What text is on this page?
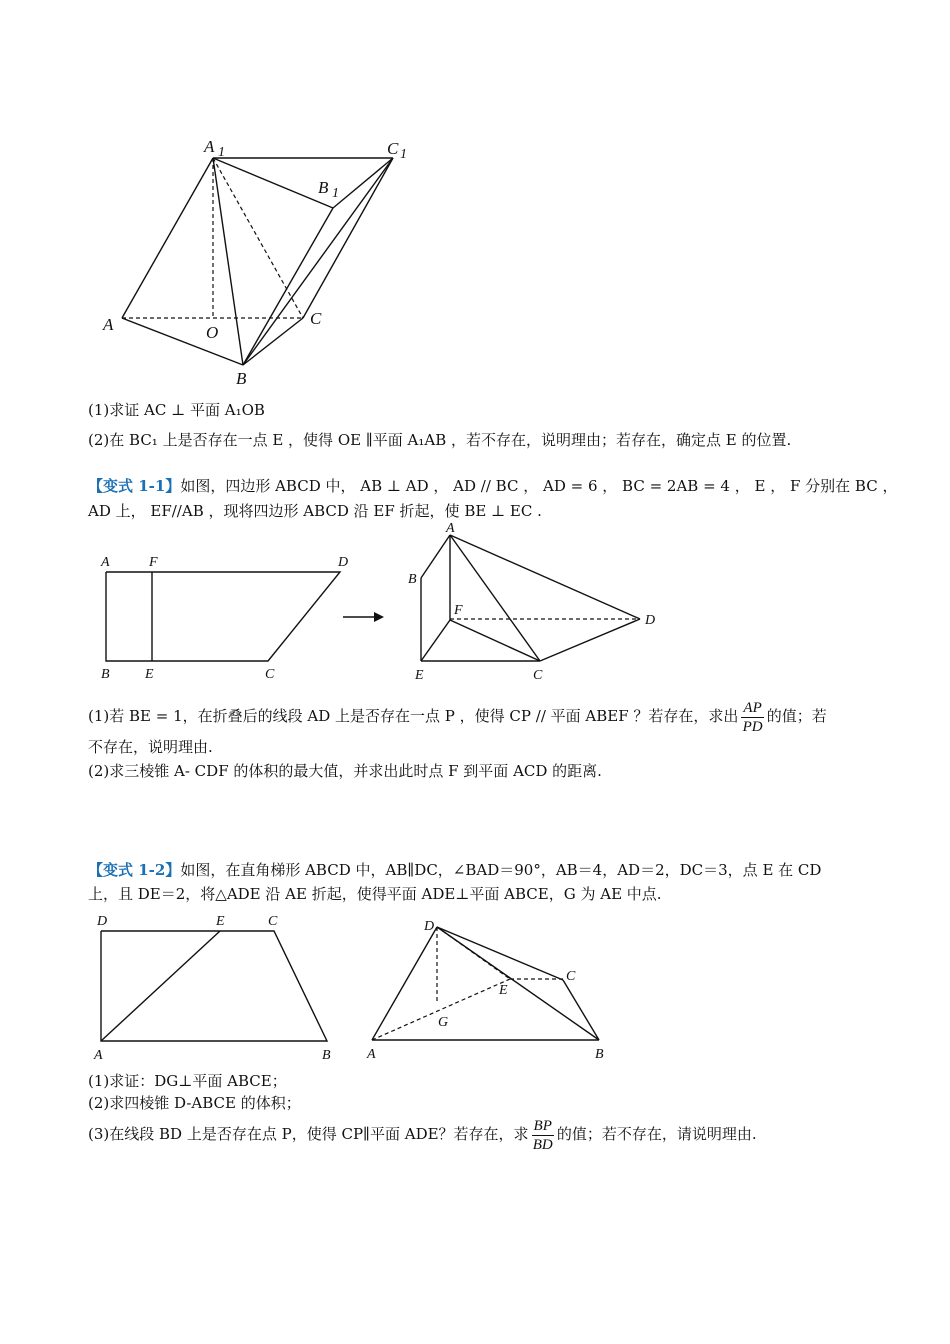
A 1	C 1
B 1
A	O
C
B
(1)求证 AC ⊥ 平面 A₁OB
(2)在 BC₁ 上是否存在一点 E ，使得 OE ∥平面 A₁AB ，若不存在，说明理由；若存在，确定点 E 的位置.
【变式 1-1】如图，四边形 ABCD 中， AB ⊥ AD ， AD // BC ， AD = 6 ， BC = 2AB = 4 ， E ， F 分别在 BC ，
AD 上， EF//AB ，现将四边形 ABCD 沿 EF 折起，使 BE ⊥ EC .
A	F	D
B	E	C
A
B
F
D
E	C
(1)若 BE = 1，在折叠后的线段 AD 上是否存在一点 P ，使得 CP // 平面 ABEF ？若存在，求出 $\frac{AP}{PD}$ 的值；若
不存在，说明理由.
(2)求三棱锥 A- CDF 的体积的最大值，并求出此时点 F 到平面 ACD 的距离.
【变式 1-2】如图，在直角梯形 ABCD 中，AB∥DC，∠BAD＝90°，AB＝4，AD＝2，DC＝3，点 E 在 CD
上，且 DE＝2，将△ADE 沿 AE 折起，使得平面 ADE⊥平面 ABCE，G 为 AE 中点.
D	E	C
A	B
D
C
E
G
A	B
(1)求证：DG⊥平面 ABCE；
(2)求四棱锥 D-ABCE 的体积；
(3)在线段 BD 上是否存在点 P，使得 CP∥平面 ADE？若存在，求 $\frac{BP}{BD}$ 的值；若不存在，请说明理由.
